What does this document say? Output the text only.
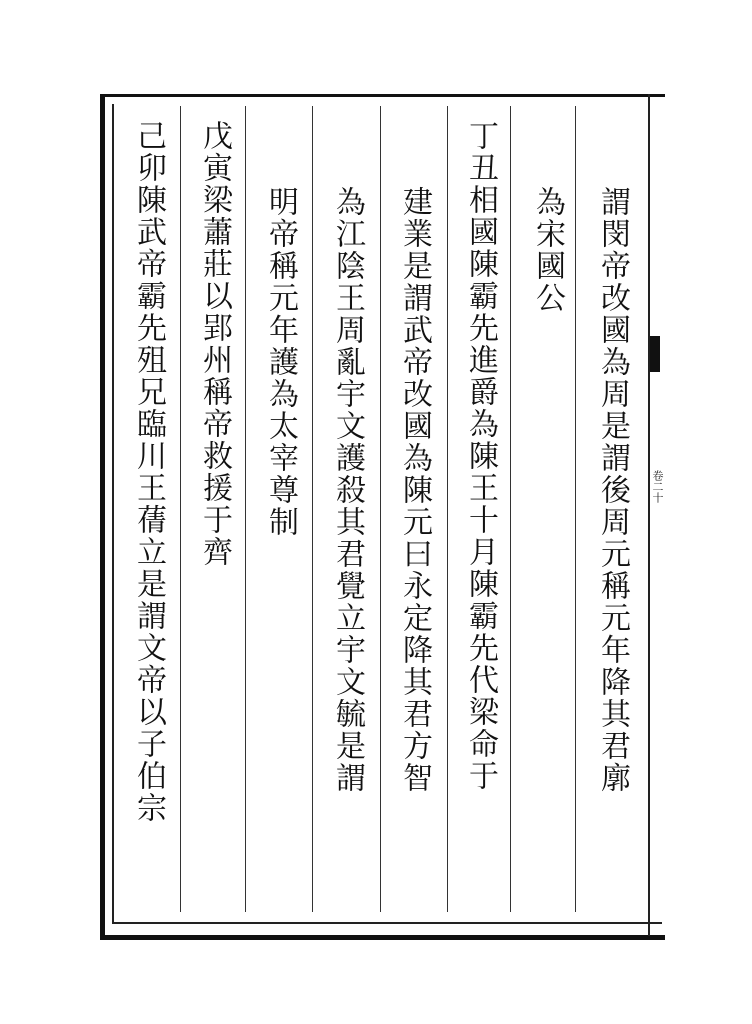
卷二十
謂閔帝改國為周是謂後周元稱元年降其君廓
為宋國公
丁丑相國陳霸先進爵為陳王十月陳霸先代梁命于
建業是謂武帝改國為陳元曰永定降其君方智
為江陰王周亂宇文護殺其君覺立宇文毓是謂
明帝稱元年護為太宰尊制
戊寅梁蕭莊以郢州稱帝救援于齊
己卯陳武帝霸先殂兄臨川王蒨立是謂文帝以子伯宗
